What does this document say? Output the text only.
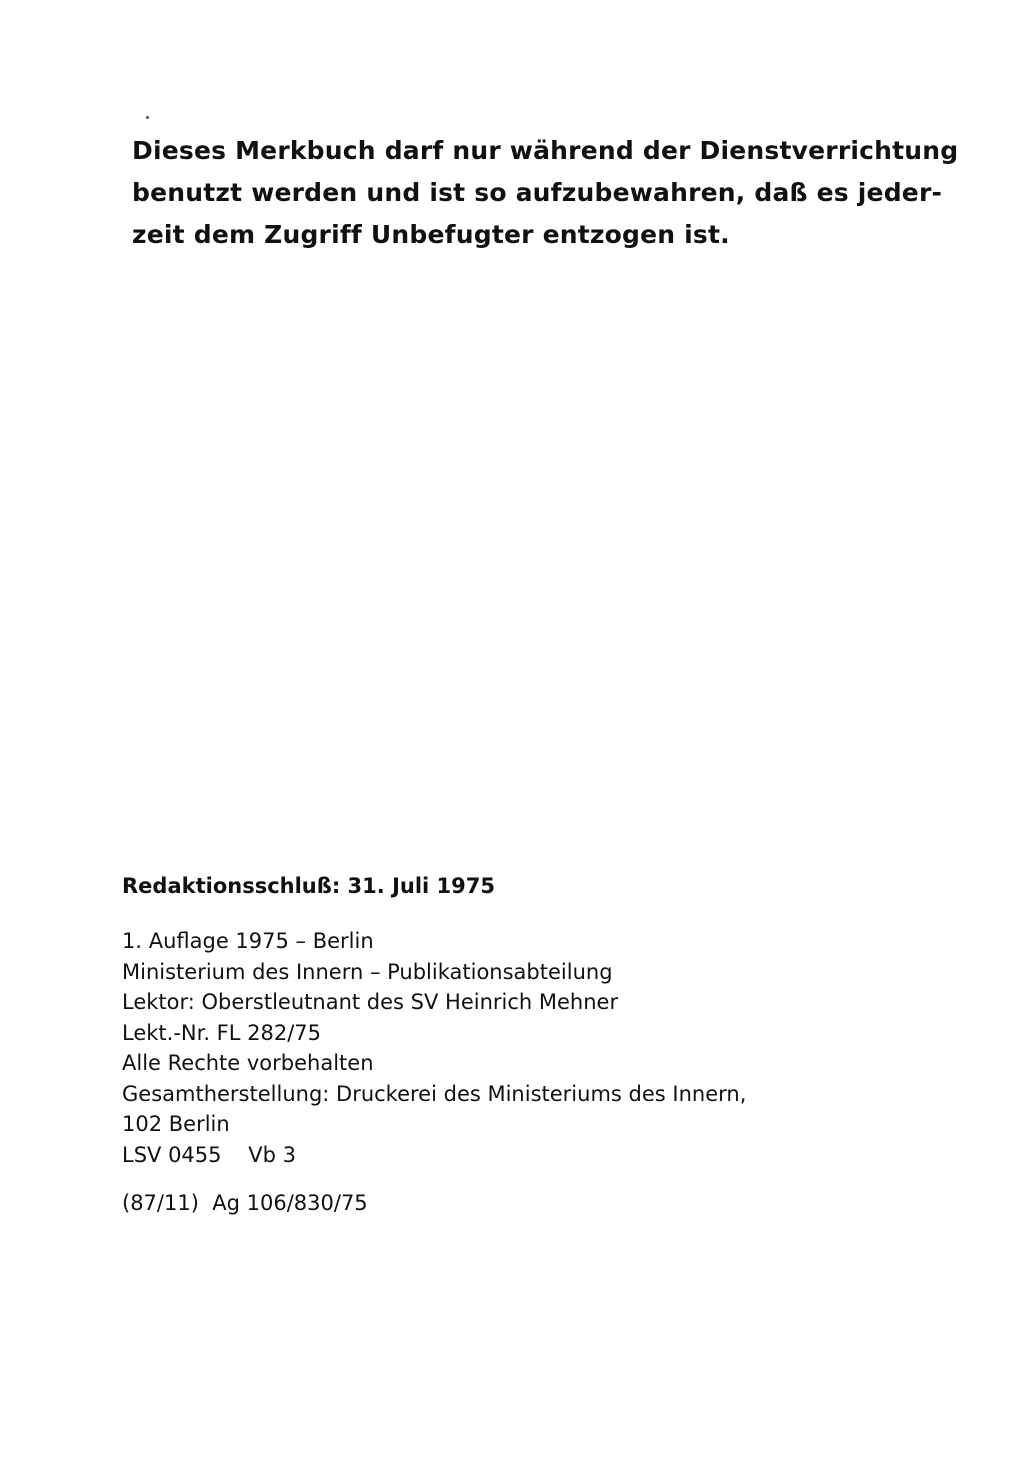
Dieses Merkbuch darf nur während der Dienstverrichtung
benutzt werden und ist so aufzubewahren, daß es jeder-
zeit dem Zugriff Unbefugter entzogen ist.
Redaktionsschluß: 31. Juli 1975
1. Auflage 1975 – Berlin
Ministerium des Innern – Publikationsabteilung
Lektor: Oberstleutnant des SV Heinrich Mehner
Lekt.-Nr. FL 282/75
Alle Rechte vorbehalten
Gesamtherstellung: Druckerei des Ministeriums des Innern,
102 Berlin
LSV 0455    Vb 3
(87/11)  Ag 106/830/75
